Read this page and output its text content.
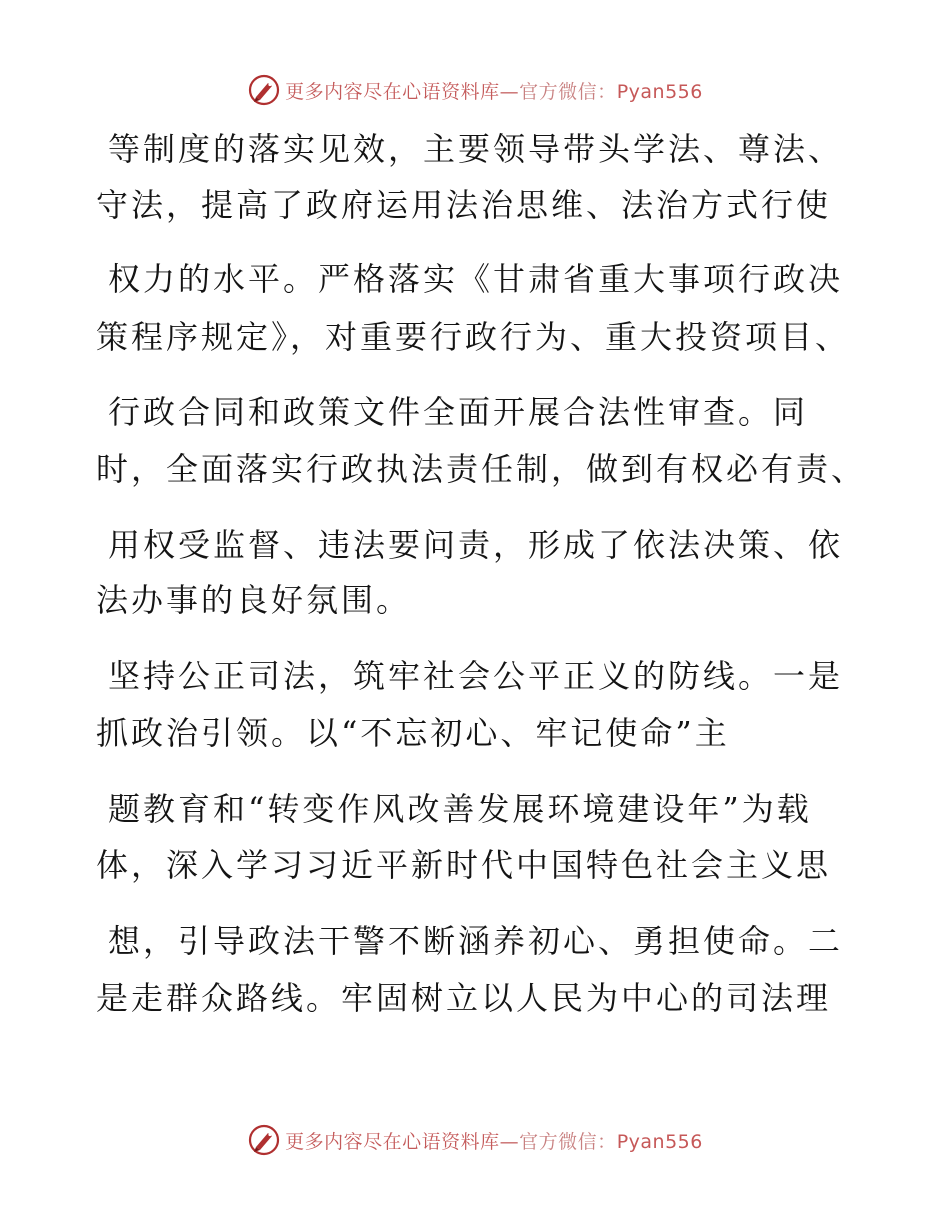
更多内容尽在心语资料库—官方微信：Pyan556
等制度的落实见效，主要领导带头学法、尊法、
守法，提高了政府运用法治思维、法治方式行使
权力的水平。严格落实《甘肃省重大事项行政决
策程序规定》，对重要行政行为、重大投资项目、
行政合同和政策文件全面开展合法性审查。同
时，全面落实行政执法责任制，做到有权必有责、
用权受监督、违法要问责，形成了依法决策、依
法办事的良好氛围。
坚持公正司法，筑牢社会公平正义的防线。一是
抓政治引领。以“不忘初心、牢记使命”主
题教育和“转变作风改善发展环境建设年”为载
体，深入学习习近平新时代中国特色社会主义思
想，引导政法干警不断涵养初心、勇担使命。二
是走群众路线。牢固树立以人民为中心的司法理
更多内容尽在心语资料库—官方微信：Pyan556
